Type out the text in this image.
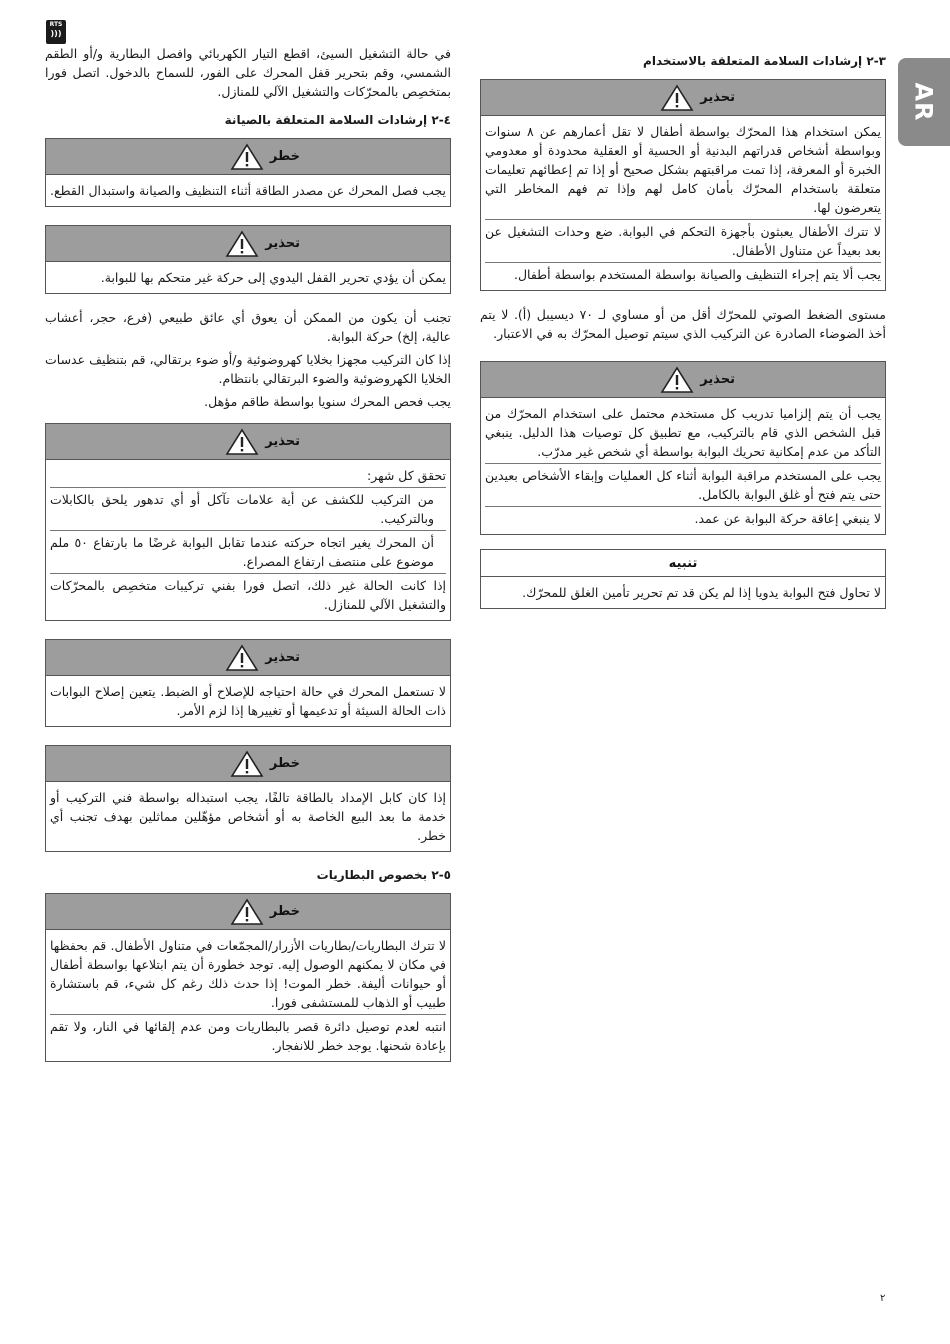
RTS
)))
AR
٣-٢ إرشادات السلامة المتعلقة بالاستخدام
تحذير

يمكن استخدام هذا المحرّك بواسطة أطفال لا تقل أعمارهم عن ٨ سنوات وبواسطة أشخاص قدراتهم البدنية أو الحسية أو العقلية محدودة أو معدومي الخبرة أو المعرفة، إذا تمت مراقبتهم بشكل صحيح أو إذا تم إعطائهم تعليمات متعلقة باستخدام المحرّك بأمان كامل لهم وإذا تم فهم المخاطر التي يتعرضون لها.

لا تترك الأطفال يعبثون بأجهزة التحكم في البوابة. ضع وحدات التشغيل عن بعد بعيداً عن متناول الأطفال.

يجب ألا يتم إجراء التنظيف والصيانة بواسطة المستخدم بواسطة أطفال.

مستوى الضغط الصوتي للمحرّك أقل من أو مساوي لـ ٧٠ ديسيبل (أ). لا يتم أخذ الضوضاء الصادرة عن التركيب الذي سيتم توصيل المحرّك به في الاعتبار.

تحذير

يجب أن يتم إلزاميا تدريب كل مستخدم محتمل على استخدام المحرّك من قبل الشخص الذي قام بالتركيب، مع تطبيق كل توصيات هذا الدليل. ينبغي التأكد من عدم إمكانية تحريك البوابة بواسطة أي شخص غير مدرّب.

يجب على المستخدم مراقبة البوابة أثناء كل العمليات وإبقاء الأشخاص بعيدين حتى يتم فتح أو غلق البوابة بالكامل.

لا ينبغي إعاقة حركة البوابة عن عمد.

تنبيه

لا تحاول فتح البوابة يدويا إذا لم يكن قد تم تحرير تأمين الغلق للمحرّك.

في حالة التشغيل السيئ، اقطع التيار الكهربائي وافصل البطارية و/أو الطقم الشمسي، وقم بتحرير قفل المحرك على الفور، للسماح بالدخول. اتصل فورا بمتخصِص بالمحرّكات والتشغيل الآلي للمنازل.

٤-٢ إرشادات السلامة المتعلقة بالصيانة
خطر

يجب فصل المحرك عن مصدر الطاقة أثناء التنظيف والصيانة واستبدال القطع.

تحذير

يمكن أن يؤدي تحرير القفل اليدوي إلى حركة غير متحكم بها للبوابة.

تجنب أن يكون من الممكن أن يعوق أي عائق طبيعي (فرع، حجر، أعشاب عالية، إلخ) حركة البوابة.

إذا كان التركيب مجهزا بخلايا كهروضوئية و/أو ضوء برتقالي، قم بتنظيف عدسات الخلايا الكهروضوئية والضوء البرتقالي بانتظام.

يجب فحص المحرك سنويا بواسطة طاقم مؤهل.

تحذير

تحقق كل شهر:

من التركيب للكشف عن أية علامات تآكل أو أي تدهور يلحق بالكابلات وبالتركيب.

أن المحرك يغير اتجاه حركته عندما تقابل البوابة غرضًا ما بارتفاع ٥٠ ملم موضوع على منتصف ارتفاع المصراع.

إذا كانت الحالة غير ذلك، اتصل فورا بفني تركيبات متخصِص بالمحرّكات والتشغيل الآلي للمنازل.

تحذير

لا تستعمل المحرك في حالة احتياجه للإصلاح أو الضبط. يتعين إصلاح البوابات ذات الحالة السيئة أو تدعيمها أو تغييرها إذا لزم الأمر.

خطر

إذا كان كابل الإمداد بالطاقة تالفًا، يجب استبداله بواسطة فني التركيب أو خدمة ما بعد البيع الخاصة به أو أشخاص مؤهّلين مماثلين بهدف تجنب أي خطر.

٥-٢ بخصوص البطاريات
خطر

لا تترك البطاريات/بطاريات الأزرار/المجمّعات في متناول الأطفال. قم بحفظها في مكان لا يمكنهم الوصول إليه. توجد خطورة أن يتم ابتلاعها بواسطة أطفال أو حيوانات أليفة. خطر الموت! إذا حدث ذلك رغم كل شيء، قم باستشارة طبيب أو الذهاب للمستشفى فورا.

انتبه لعدم توصيل دائرة قصر بالبطاريات ومن عدم إلقائها في النار، ولا تقم بإعادة شحنها. يوجد خطر للانفجار.

٢
